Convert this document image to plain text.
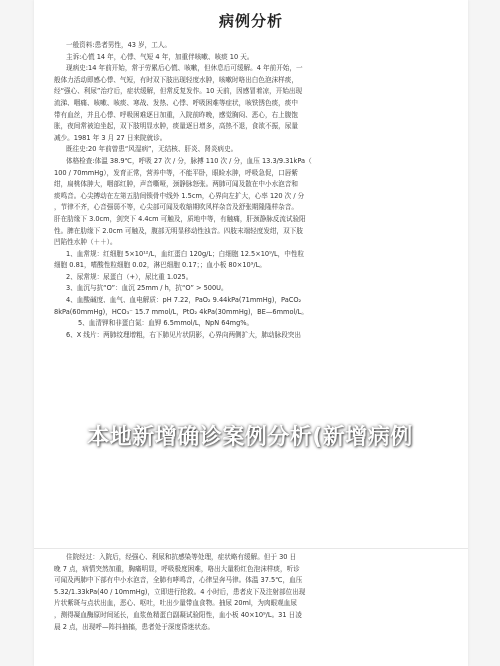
病例分析

一般资料:患者男性，43 岁，工人。

主诉:心慌 14 年，心悸、气短 4 年，加重伴咳嗽、咳痰 10 天。

现病史:14 年前开始，常于劳累后心慌、咳嗽，但休息后可缓解。4 年前开始，一

般体力活动即感心悸、气短，有时双下肢出现轻度水肿，咳嗽时咯出白色泡沫样痰，

经“强心、利尿”治疗后，症状缓解，但常反复发作。10 天前，因感冒着凉，开始出现

流涕、咽痛、咳嗽、咳痰、寒战、发热、心悸、呼吸困难等症状，咳铁锈色痰，痰中

带有血丝，并且心悸、呼吸困难逐日加重，入院前昨晚，感觉胸闷、恶心，右上腹饱

胀，夜间常被迫坐起，双下肢明显水肿，痰量逐日增多，高热不退，食欲不振，尿量

减少。1981 年 3 月 27 日来院就诊。

既往史:20 年前曾患“风湿病”，无结核、肝炎、肾炎病史。

体格检查:体温 38.9℃，呼吸 27 次 / 分，脉搏 110 次 / 分，血压 13.3/9.31kPa（

100 / 70mmHg），发育正常，营养中等，不能平卧，眼睑水肿，呼吸急促，口唇紫

绀，扁桃体肿大，咽部红肿，声音嘶哑，颈静脉怒张。两肺可闻及散在中小水泡音和

痰鸣音。心尖搏动在左第五肋间锁骨中线外 1.5cm，心界向左扩大，心率 120 次 / 分

，节律不齐，心音强弱不等，心尖部可闻及收缩期吹风样杂音及舒张期隆隆样杂音。

肝在肋缘下 3.0cm，剑突下 4.4cm 可触及，质地中等，有触痛，肝颈静脉反流试验阳

性。脾在肋缘下 2.0cm 可触及，腹部无明显移动性浊音。四肢末端轻度发绀，双下肢

凹陷性水肿（＋＋）。

1、血常规：红细胞 5×10¹²/L，血红蛋白 120g/L；白细胞 12.5×10⁹/L，中性粒

细胞 0.81，嗜酸性粒细胞 0.02，淋巴细胞 0.17；；血小板 80×10⁹/L。

2、尿常规：尿蛋白（+），尿比重 1.025。

3、血沉与抗“O”：血沉 25mm / h，抗“O” > 500U。

4、血酸碱度、血气、血电解质：pH 7.22，PaO₂ 9.44kPa(71mmHg)，PaCO₂

8kPa(60mmHg)，HCO₃⁻ 15.7 mmol/L，PtO₂ 4kPa(30mmHg)，BE—6mmol/L。

5、血清钾和非蛋白氮：血钾 6.5mmol/L，NpN 64mg%。

6、X 线片：两肺纹理增粗，右下肺见片状阴影，心界向两侧扩大，肺动脉段突出

住院经过：入院后，经强心、利尿和抗感染等处理，症状略有缓解。但于 30 日

晚 7 点，病情突然加重，胸痛明显，呼吸极度困难，咯出大量粉红色泡沫样痰，听诊

可闻及两肺中下部有中小水泡音，全肺有哮鸣音，心律呈奔马律。体温 37.5℃，血压

5.32/1.33kPa(40 / 10mmHg)，立即进行抢救。4 小时后，患者皮下及注射部位出现

片状紫斑与点状出血，恶心、呕吐，吐出少量带血食物。抽尿 20ml，为肉眼观血尿

，测得凝血酶原时间延长，血浆鱼精蛋白副凝试验阳性，血小板 40×10⁹/L。31 日凌

晨 2 点，出现呼—阵抖抽搐，患者处于深度昏迷状态。

本地新增确诊案例分析(新增病例
